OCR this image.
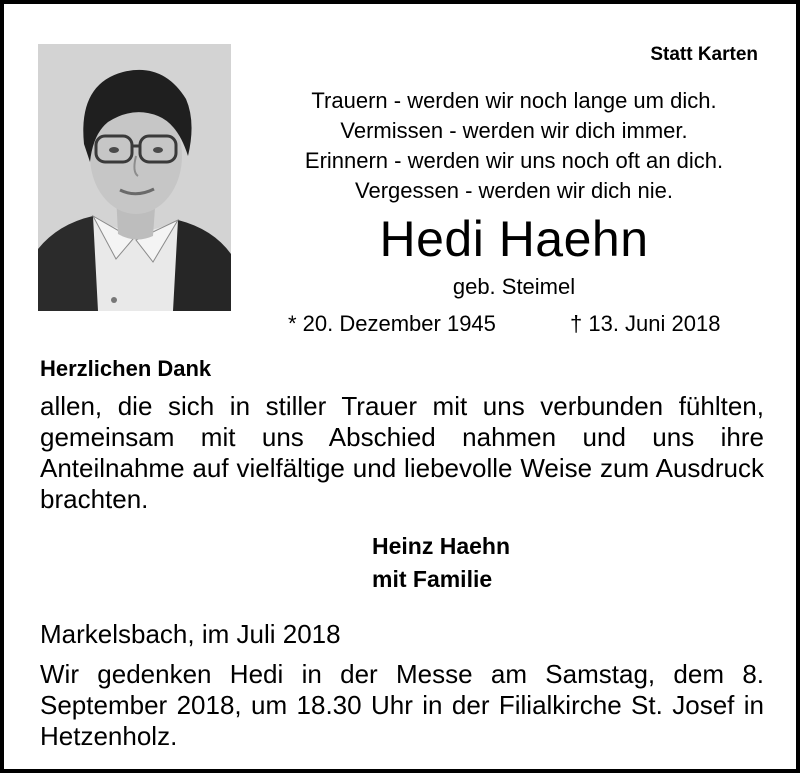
Statt Karten
Trauern - werden wir noch lange um dich.
Vermissen - werden wir dich immer.
Erinnern - werden wir uns noch oft an dich.
Vergessen - werden wir dich nie.
Hedi Haehn
geb. Steimel
* 20. Dezember 1945	† 13. Juni 2018
Herzlichen Dank
allen, die sich in stiller Trauer mit uns verbunden fühlten, gemeinsam mit uns Abschied nahmen und uns ihre Anteilnahme auf vielfältige und liebevolle Weise zum Ausdruck brachten.
Heinz Haehn
mit Familie
Markelsbach, im Juli 2018
Wir gedenken Hedi in der Messe am Samstag, dem 8. September 2018, um 18.30 Uhr in der Filialkirche St. Josef in Hetzenholz.
